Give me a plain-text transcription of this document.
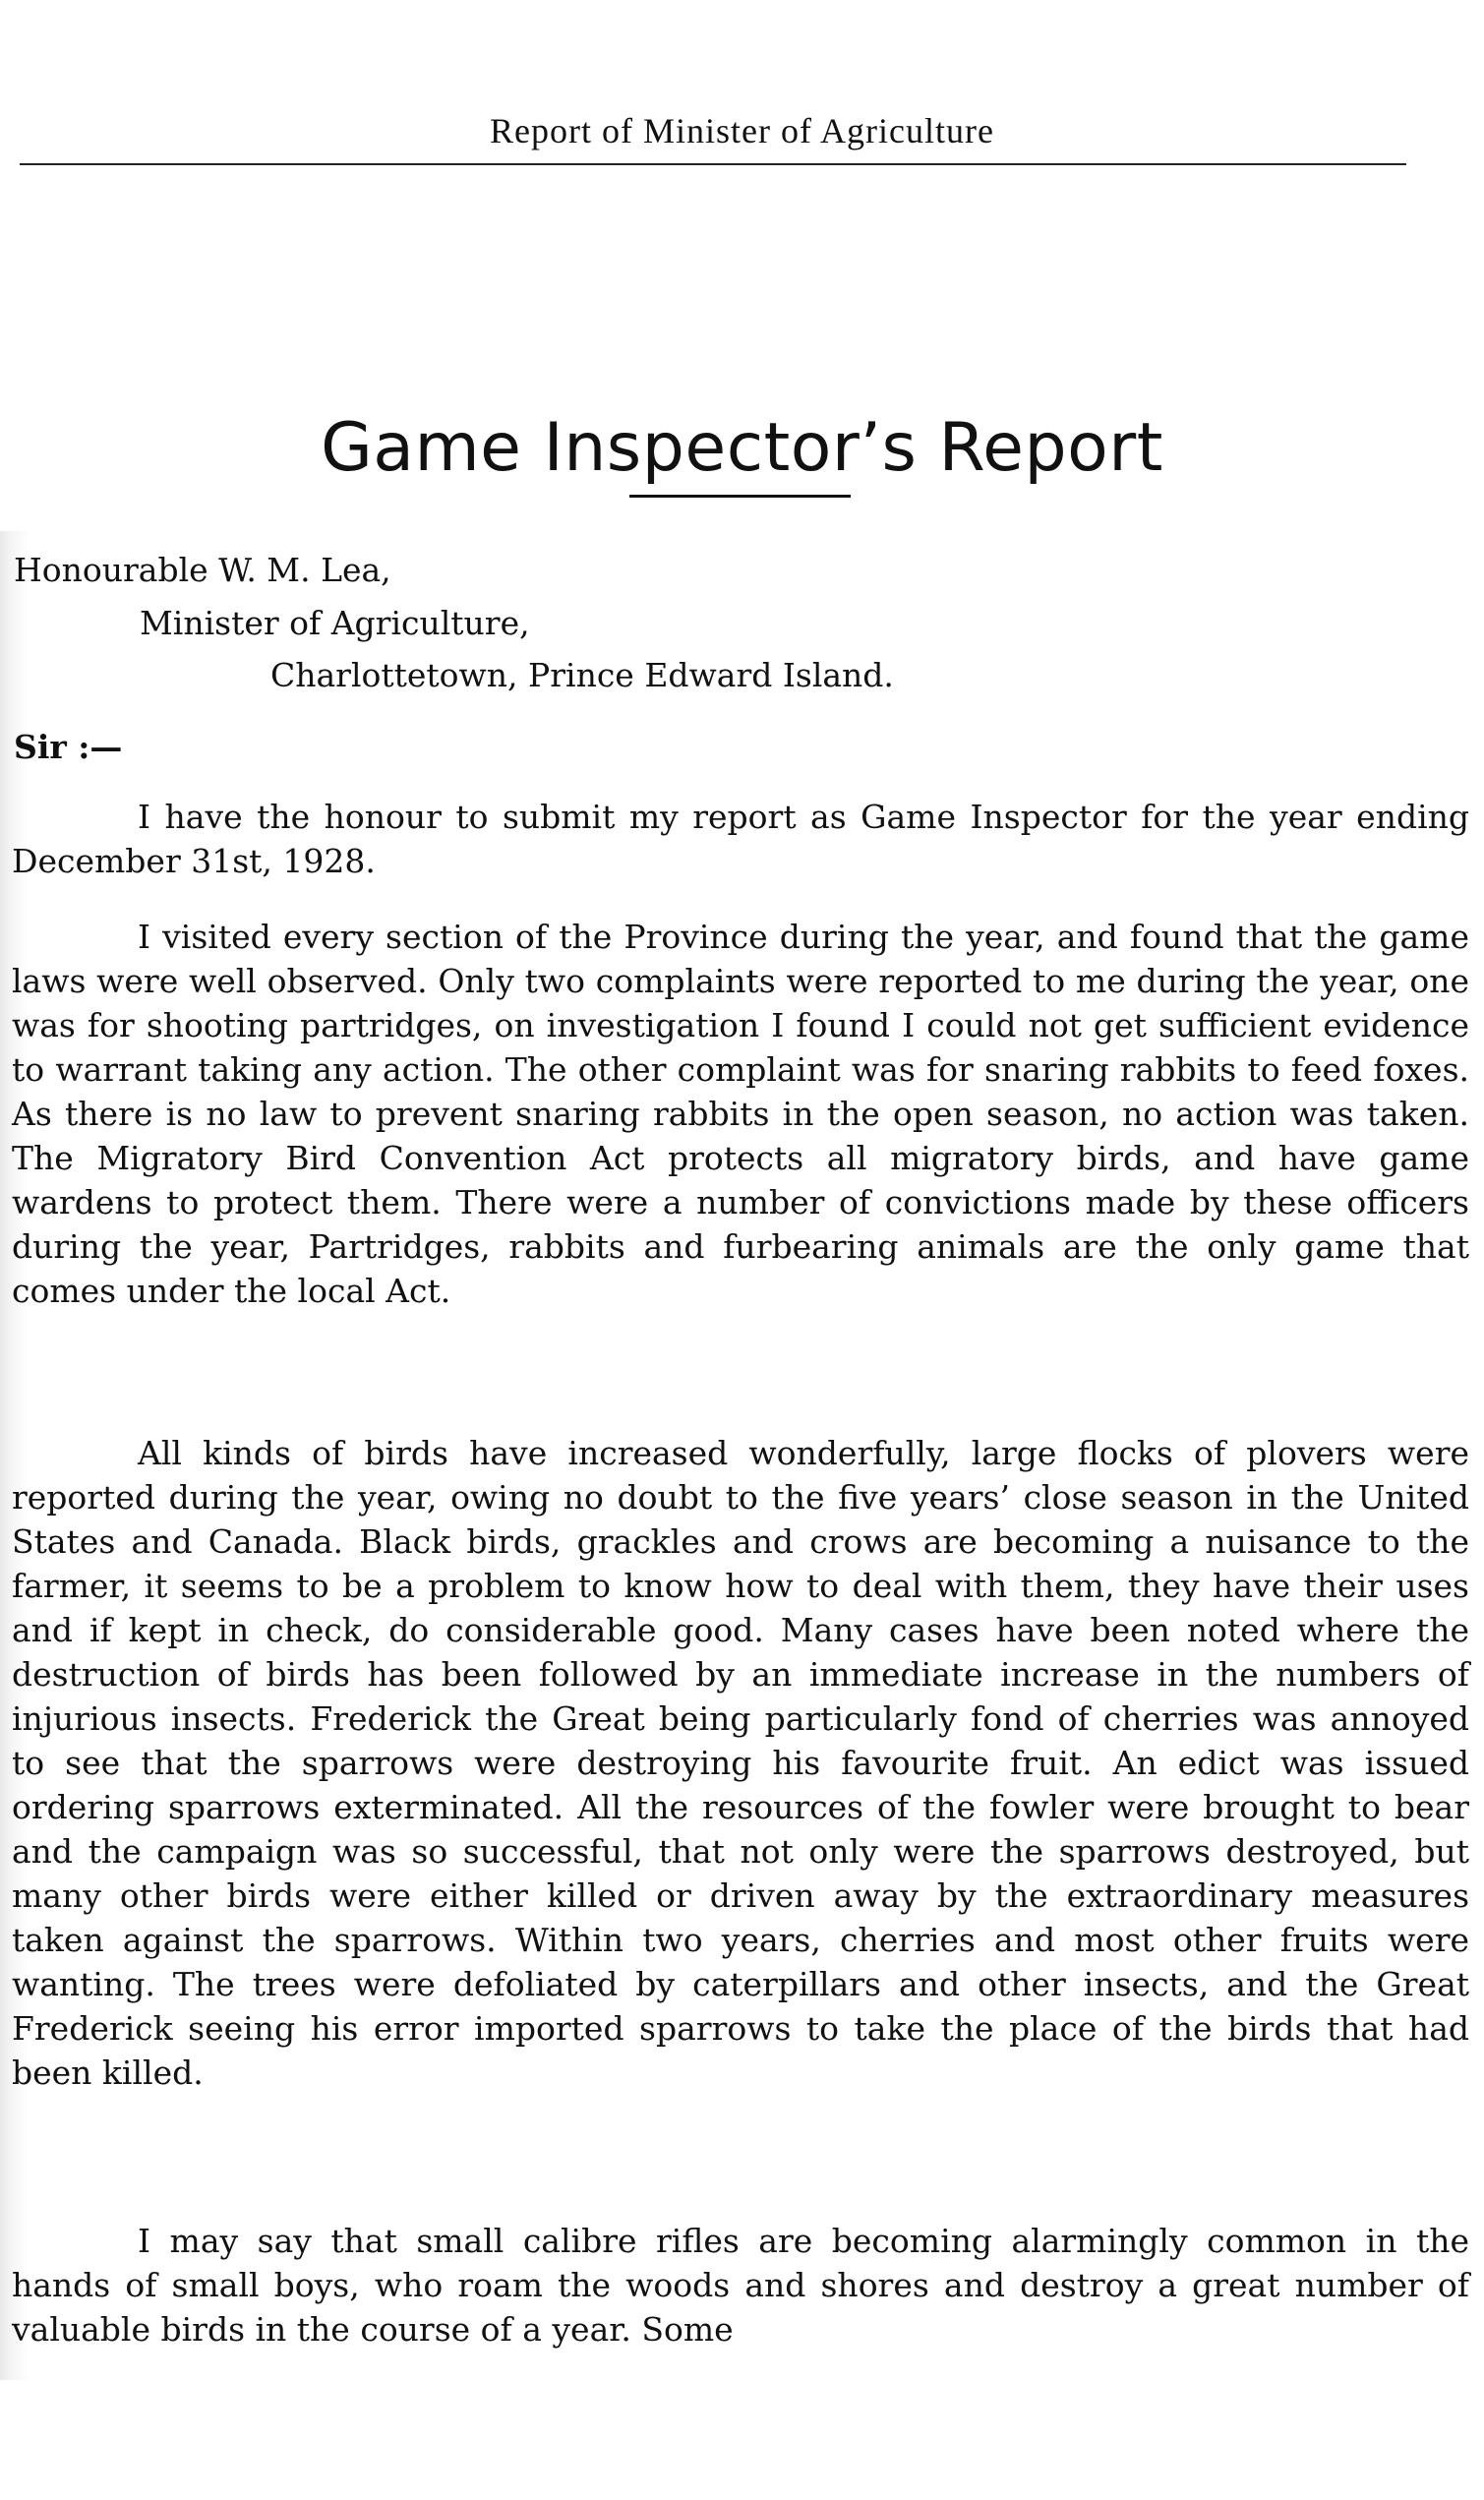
Report of Minister of Agriculture
Game Inspector’s Report
Honourable W. M. Lea,
Minister of Agriculture,
Charlottetown, Prince Edward Island.
Sir :—

I have the honour to submit my report as Game Inspector for the year ending December 31st, 1928.

I visited every section of the Province during the year, and found that the game laws were well observed. Only two complaints were reported to me during the year, one was for shooting partridges, on investigation I found I could not get sufficient evidence to warrant taking any action. The other complaint was for snaring rabbits to feed foxes. As there is no law to prevent snaring rabbits in the open season, no action was taken. The Migratory Bird Convention Act protects all migratory birds, and have game wardens to protect them. There were a number of convictions made by these officers during the year, Partridges, rabbits and furbearing animals are the only game that comes under the local Act.

All kinds of birds have increased wonderfully, large flocks of plovers were reported during the year, owing no doubt to the five years’ close season in the United States and Canada. Black birds, grackles and crows are becoming a nuisance to the farmer, it seems to be a problem to know how to deal with them, they have their uses and if kept in check, do considerable good. Many cases have been noted where the destruction of birds has been followed by an immediate increase in the numbers of injurious insects. Frederick the Great being particularly fond of cherries was annoyed to see that the sparrows were destroying his favourite fruit. An edict was issued ordering sparrows exterminated. All the resources of the fowler were brought to bear and the campaign was so successful, that not only were the sparrows destroyed, but many other birds were either killed or driven away by the extraordinary measures taken against the sparrows. Within two years, cherries and most other fruits were wanting. The trees were defoliated by caterpillars and other insects, and the Great Frederick seeing his error imported sparrows to take the place of the birds that had been killed.

I may say that small calibre rifles are becoming alarmingly common in the hands of small boys, who roam the woods and shores and destroy a great number of valuable birds in the course of a year. Some
